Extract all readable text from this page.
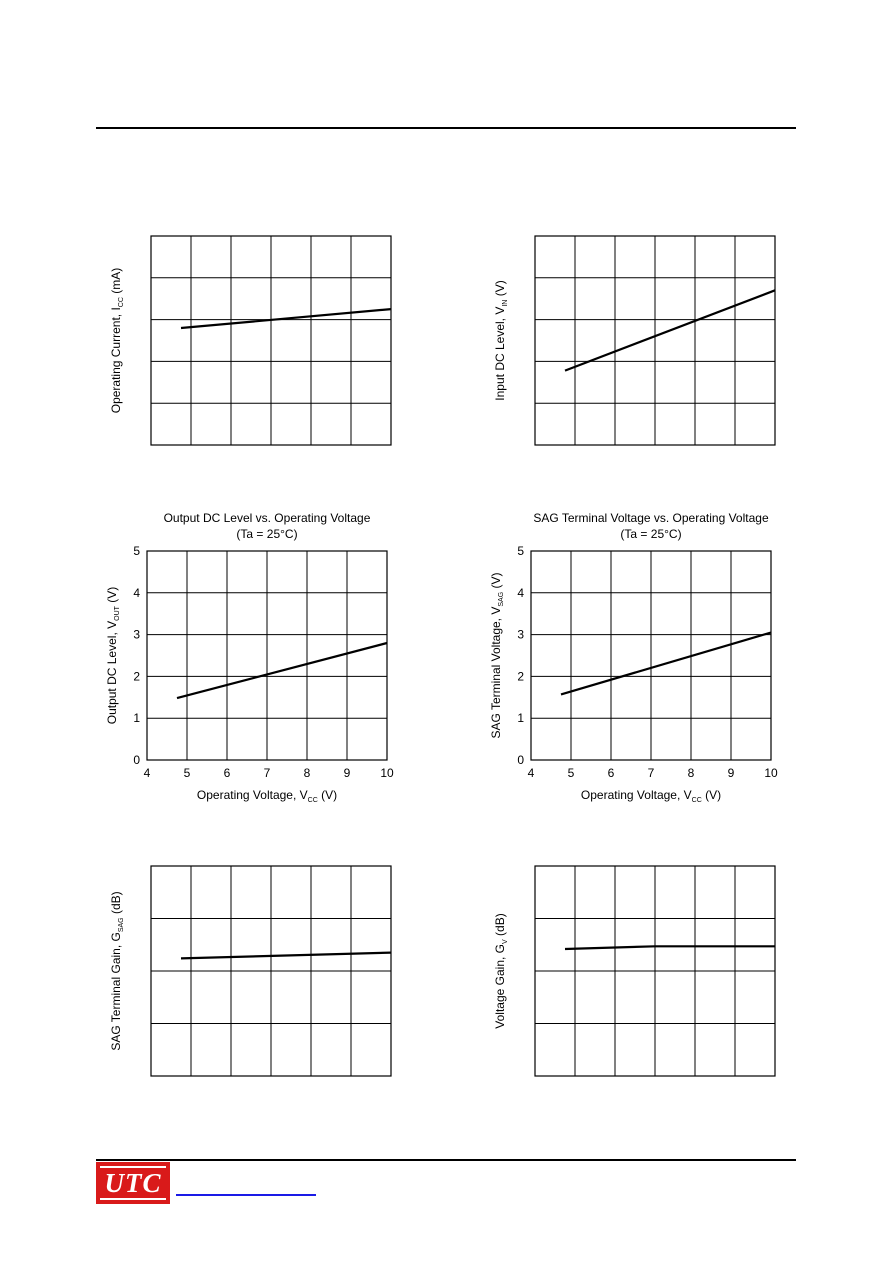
Operating Current, $I_{CC}$ (mA)
Input DC Level, $V_{IN}$ (V)
4	5	6	7	8	9 10
0
1
2
3
4
5
Output DC Level vs. Operating Voltage
(Ta = 25°C)
Operating Voltage, $V_{CC}$ (V)
Output DC Level, $V_{OUT}$ (V)
4	5	6	7	8	9 10
0
1
2
3
4
5
SAG Terminal Voltage vs. Operating Voltage
(Ta = 25°C)
Operating Voltage, $V_{CC}$ (V)
SAG Terminal Voltage, $V_{SAG}$ (V)
SAG Terminal Gain, $G_{SAG}$ (dB)
Voltage Gain, $G_V$ (dB)
UTC
